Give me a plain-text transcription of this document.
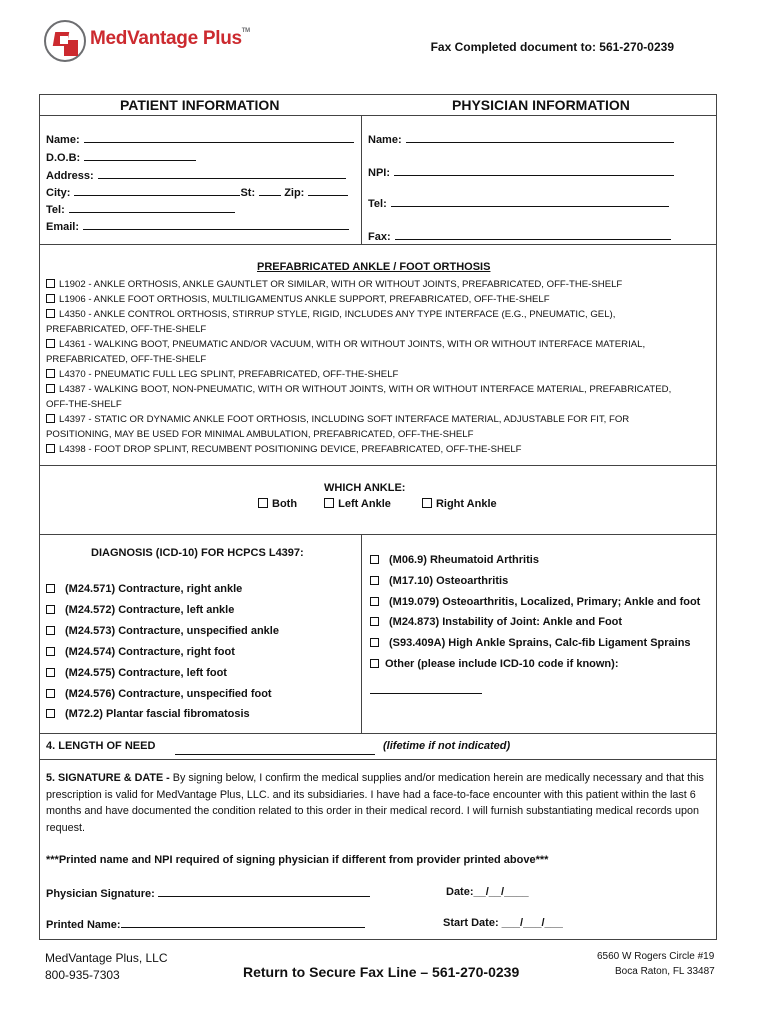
MedVantage Plus™
Fax Completed document to: 561-270-0239
PATIENT INFORMATION	PHYSICIAN INFORMATION
Name:
D.O.B:
Address:
City:	St:	Zip:
Tel:
Email:
Name:
NPI:
Tel:
Fax:
PREFABRICATED ANKLE / FOOT ORTHOSIS
L1902 - ANKLE ORTHOSIS, ANKLE GAUNTLET OR SIMILAR, WITH OR WITHOUT JOINTS, PREFABRICATED, OFF-THE-SHELF
L1906 - ANKLE FOOT ORTHOSIS, MULTILIGAMENTUS ANKLE SUPPORT, PREFABRICATED, OFF-THE-SHELF
L4350 - ANKLE CONTROL ORTHOSIS, STIRRUP STYLE, RIGID, INCLUDES ANY TYPE INTERFACE (E.G., PNEUMATIC, GEL),
PREFABRICATED, OFF-THE-SHELF
L4361 - WALKING BOOT, PNEUMATIC AND/OR VACUUM, WITH OR WITHOUT JOINTS, WITH OR WITHOUT INTERFACE MATERIAL,
PREFABRICATED, OFF-THE-SHELF
L4370 - PNEUMATIC FULL LEG SPLINT, PREFABRICATED, OFF-THE-SHELF
L4387 - WALKING BOOT, NON-PNEUMATIC, WITH OR WITHOUT JOINTS, WITH OR WITHOUT INTERFACE MATERIAL, PREFABRICATED,
OFF-THE-SHELF
L4397 - STATIC OR DYNAMIC ANKLE FOOT ORTHOSIS, INCLUDING SOFT INTERFACE MATERIAL, ADJUSTABLE FOR FIT, FOR
POSITIONING, MAY BE USED FOR MINIMAL AMBULATION, PREFABRICATED, OFF-THE-SHELF
L4398 - FOOT DROP SPLINT, RECUMBENT POSITIONING DEVICE, PREFABRICATED, OFF-THE-SHELF
WHICH ANKLE:
Both	Left Ankle	Right Ankle
DIAGNOSIS (ICD-10) FOR HCPCS L4397:
(M24.571) Contracture, right ankle
(M24.572) Contracture, left ankle
(M24.573) Contracture, unspecified ankle
(M24.574) Contracture, right foot
(M24.575) Contracture, left foot
(M24.576) Contracture, unspecified foot
(M72.2) Plantar fascial fibromatosis
(M06.9) Rheumatoid Arthritis
(M17.10) Osteoarthritis
(M19.079) Osteoarthritis, Localized, Primary; Ankle and foot
(M24.873) Instability of Joint: Ankle and Foot
(S93.409A) High Ankle Sprains, Calc-fib Ligament Sprains
Other (please include ICD-10 code if known):
4. LENGTH OF NEED	(lifetime if not indicated)
5. SIGNATURE & DATE - By signing below, I confirm the medical supplies and/or medication herein are medically necessary and that this prescription is valid for MedVantage Plus, LLC. and its subsidiaries. I have had a face-to-face encounter with this patient within the last 6 months and have documented the condition related to this order in their medical record. I will furnish substantiating medical records upon request.
***Printed name and NPI required of signing physician if different from provider printed above***
Physician Signature:	Date:__/__/____
Printed Name:	Start Date: ___/___/___
MedVantage Plus, LLC
800-935-7303	Return to Secure Fax Line – 561-270-0239
6560 W Rogers Circle #19
Boca Raton, FL 33487
